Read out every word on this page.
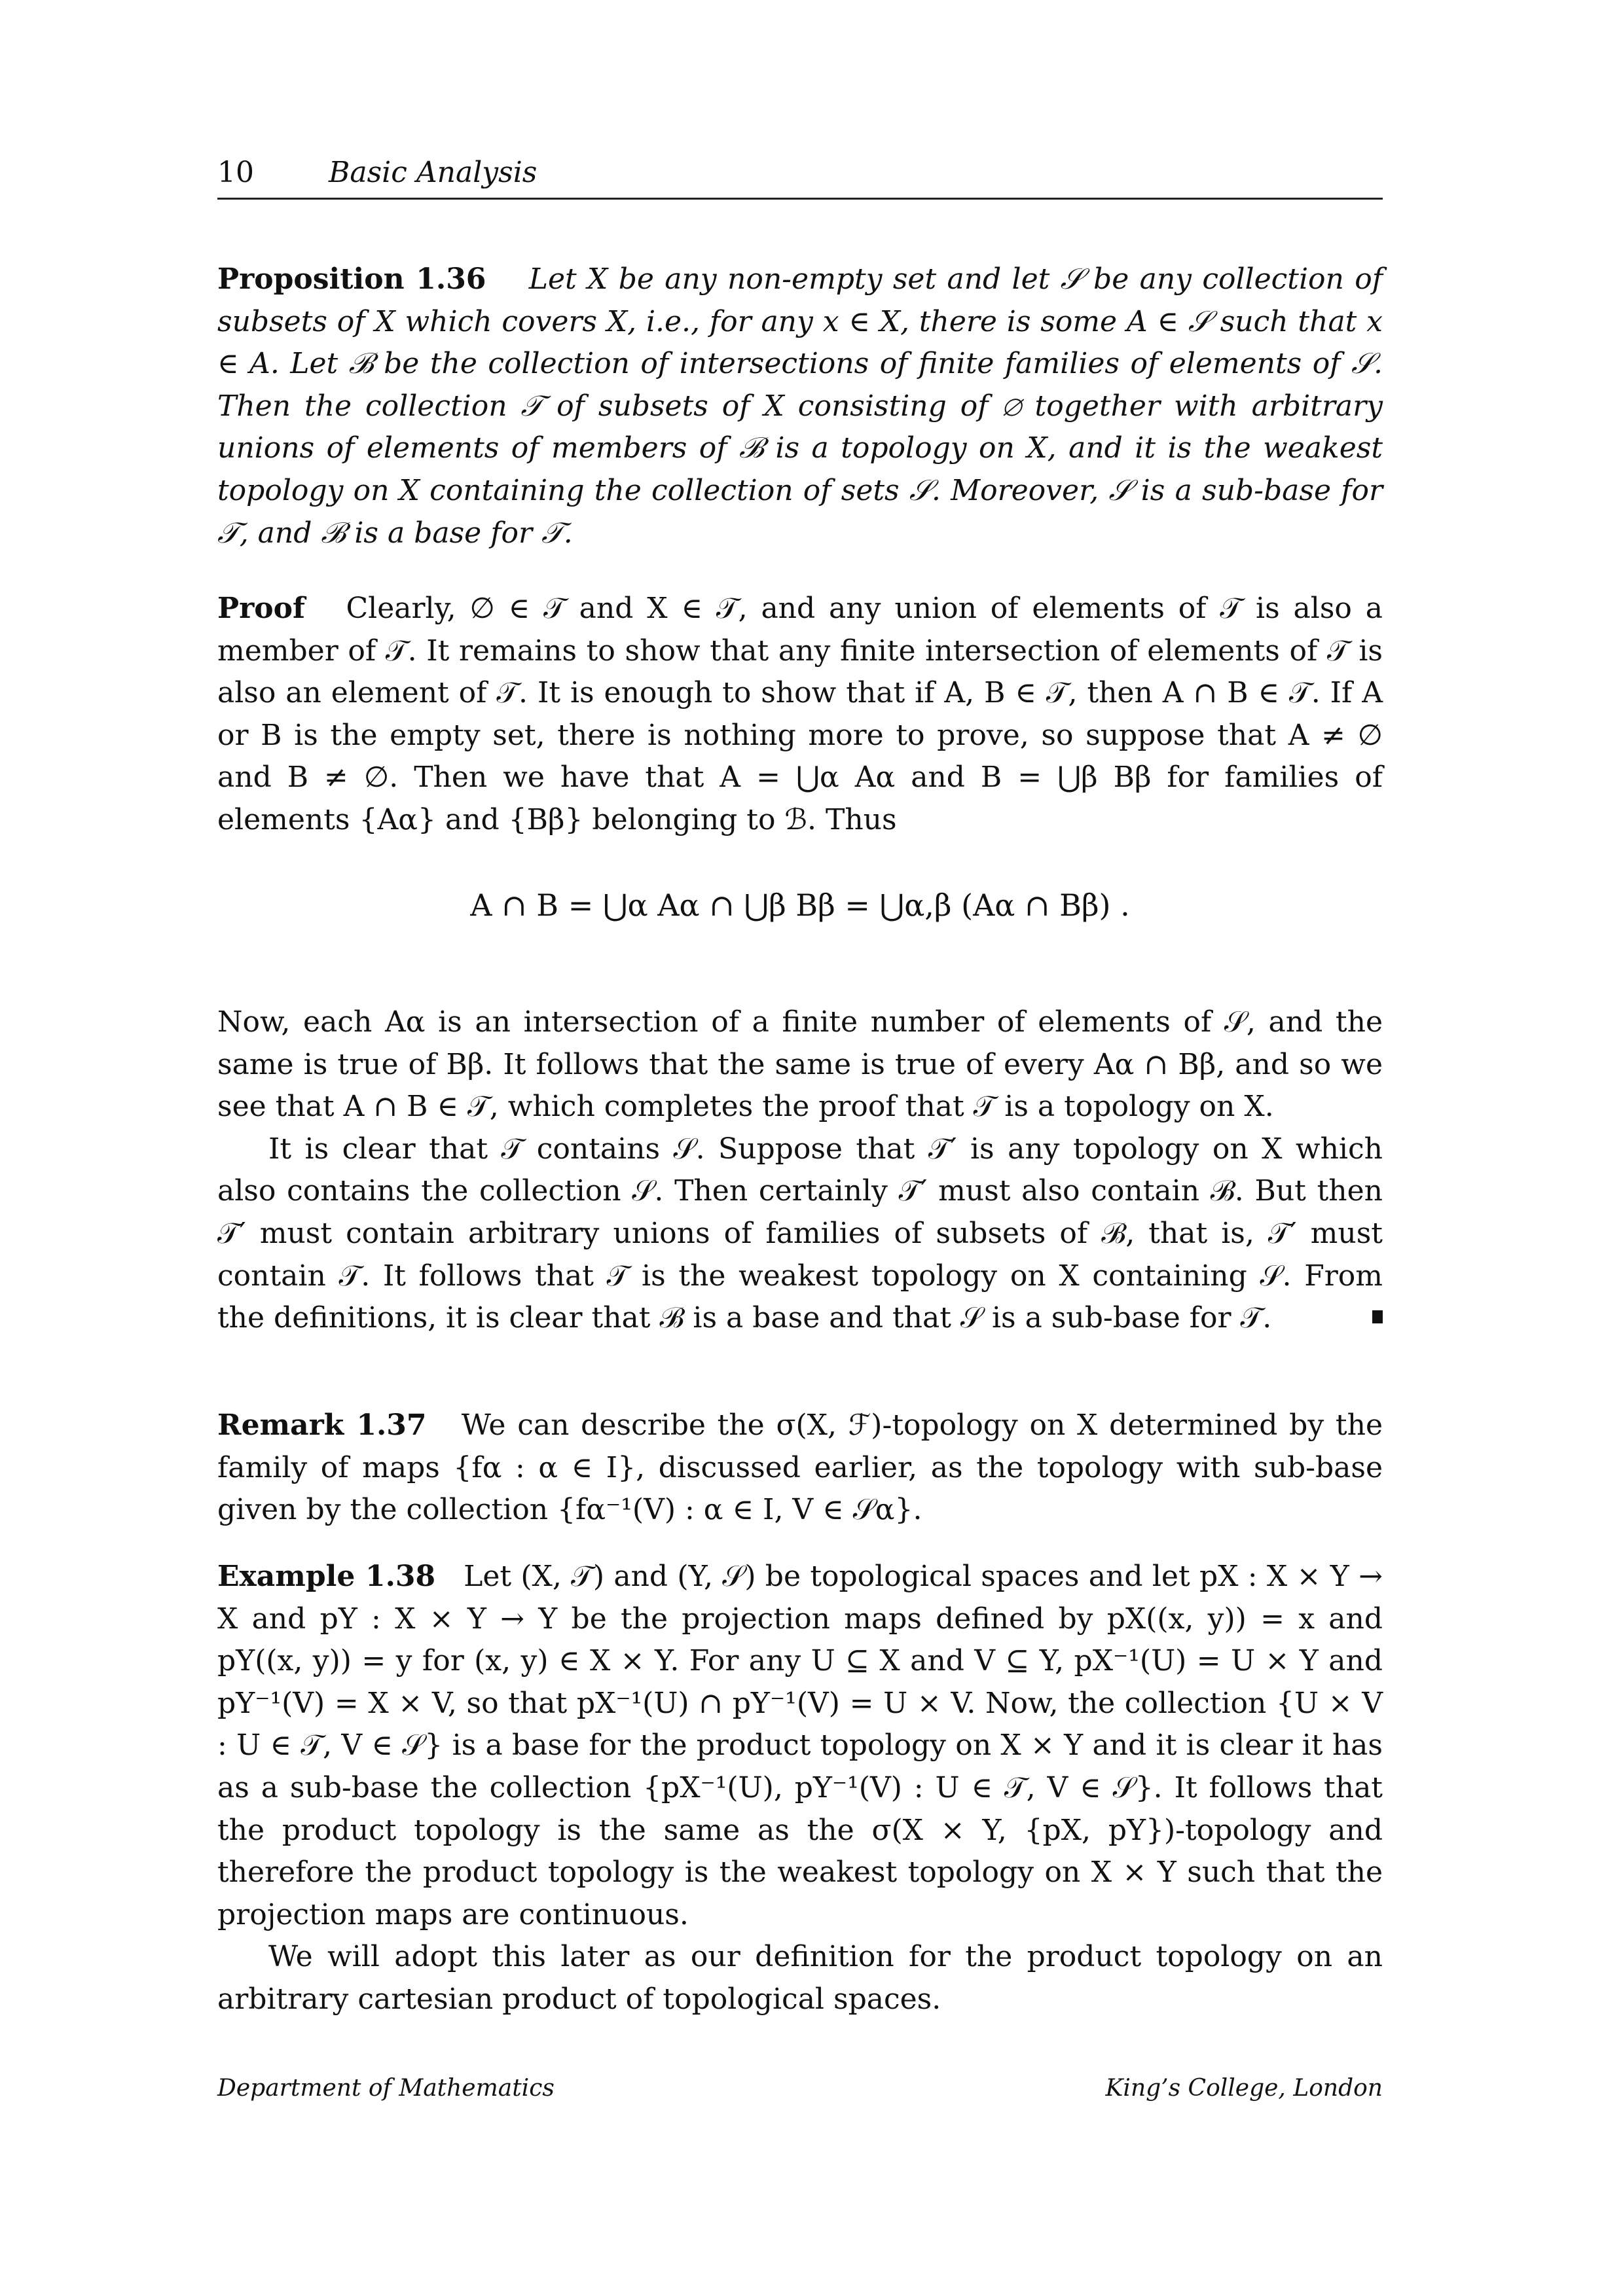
10	Basic Analysis

Proposition 1.36 Let X be any non-empty set and let 𝒮 be any collection of subsets of X which covers X, i.e., for any x ∈ X, there is some A ∈ 𝒮 such that x ∈ A. Let ℬ be the collection of intersections of finite families of elements of 𝒮. Then the collection 𝒯 of subsets of X consisting of ∅ together with arbitrary unions of elements of members of ℬ is a topology on X, and it is the weakest topology on X containing the collection of sets 𝒮. Moreover, 𝒮 is a sub-base for 𝒯, and ℬ is a base for 𝒯.

Proof Clearly, ∅ ∈ 𝒯 and X ∈ 𝒯, and any union of elements of 𝒯 is also a member of 𝒯. It remains to show that any finite intersection of elements of 𝒯 is also an element of 𝒯. It is enough to show that if A, B ∈ 𝒯, then A ∩ B ∈ 𝒯. If A or B is the empty set, there is nothing more to prove, so suppose that A ≠ ∅ and B ≠ ∅. Then we have that A = ⋃α Aα and B = ⋃β Bβ for families of elements {Aα} and {Bβ} belonging to ℬ. Thus

A ∩ B = ⋃α Aα ∩ ⋃β Bβ = ⋃α,β (Aα ∩ Bβ) .

Now, each Aα is an intersection of a finite number of elements of 𝒮, and the same is true of Bβ. It follows that the same is true of every Aα ∩ Bβ, and so we see that A ∩ B ∈ 𝒯, which completes the proof that 𝒯 is a topology on X.

It is clear that 𝒯 contains 𝒮. Suppose that 𝒯′ is any topology on X which also contains the collection 𝒮. Then certainly 𝒯′ must also contain ℬ. But then 𝒯′ must contain arbitrary unions of families of subsets of ℬ, that is, 𝒯′ must contain 𝒯. It follows that 𝒯 is the weakest topology on X containing 𝒮. From the definitions, it is clear that ℬ is a base and that 𝒮 is a sub-base for 𝒯.

Remark 1.37 We can describe the σ(X, ℱ)-topology on X determined by the family of maps {fα : α ∈ I}, discussed earlier, as the topology with sub-base given by the collection {fα⁻¹(V) : α ∈ I, V ∈ 𝒮α}.

Example 1.38 Let (X, 𝒯) and (Y, 𝒮) be topological spaces and let pX : X × Y → X and pY : X × Y → Y be the projection maps defined by pX((x, y)) = x and pY((x, y)) = y for (x, y) ∈ X × Y. For any U ⊆ X and V ⊆ Y, pX⁻¹(U) = U × Y and pY⁻¹(V) = X × V, so that pX⁻¹(U) ∩ pY⁻¹(V) = U × V. Now, the collection {U × V : U ∈ 𝒯, V ∈ 𝒮} is a base for the product topology on X × Y and it is clear it has as a sub-base the collection {pX⁻¹(U), pY⁻¹(V) : U ∈ 𝒯, V ∈ 𝒮}. It follows that the product topology is the same as the σ(X × Y, {pX, pY})-topology and therefore the product topology is the weakest topology on X × Y such that the projection maps are continuous.

We will adopt this later as our definition for the product topology on an arbitrary cartesian product of topological spaces.

Department of Mathematics	King’s College, London
